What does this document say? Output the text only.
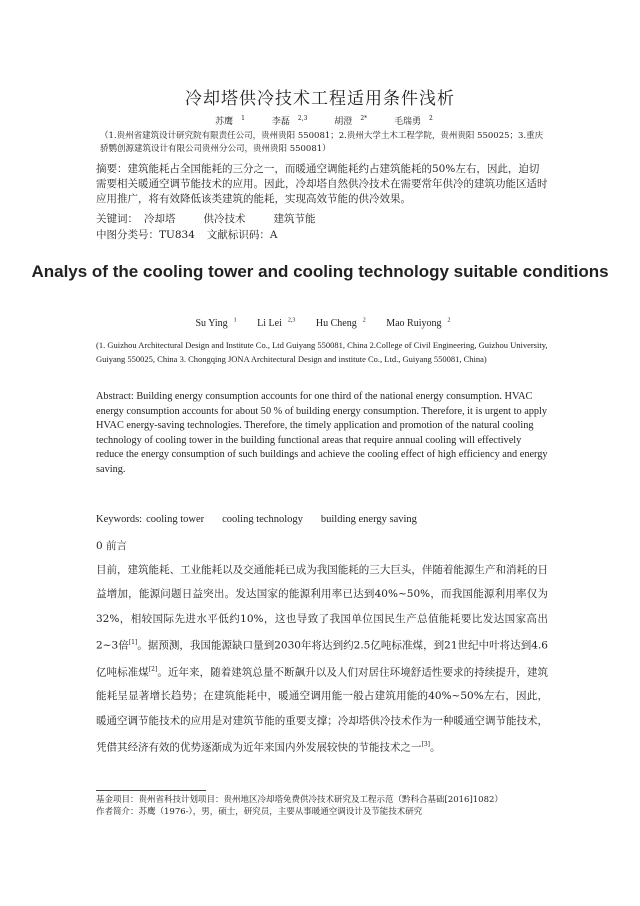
冷却塔供冷技术工程适用条件浅析
苏鹰 $^1$	李磊 $^{2,3}$	胡澄 $^{2*}$	毛瑞勇 $^2$
（1.贵州省建筑设计研究院有限责任公司，贵州贵阳 550081；2.贵州大学土木工程学院，贵州贵阳 550025；3.重庆骄鹦创源建筑设计有限公司贵州分公司，贵州贵阳 550081）
摘要：建筑能耗占全国能耗的三分之一，而暖通空调能耗约占建筑能耗的50%左右，因此，迫切需要相关暖通空调节能技术的应用。因此，冷却塔自然供冷技术在需要常年供冷的建筑功能区适时应用推广，将有效降低该类建筑的能耗，实现高效节能的供冷效果。
关键词： 冷却塔	供冷技术	建筑节能
中图分类号：TU834 文献标识码：A
Analys of the cooling tower and cooling technology suitable conditions
Su Ying $^1$ Li Lei $^{2,3}$ Hu Cheng $^2$ Mao Ruiyong $^2$
(1. Guizhou Architectural Design and Institute Co., Ltd Guiyang 550081, China 2.College of Civil Engineering, Guizhou University, Guiyang 550025, China 3. Chongqing JONA Architectural Design and institute Co., Ltd., Guiyang 550081, China)
Abstract: Building energy consumption accounts for one third of the national energy consumption. HVAC energy consumption accounts for about 50 % of building energy consumption. Therefore, it is urgent to apply HVAC energy-saving technologies. Therefore, the timely application and promotion of the natural cooling technology of cooling tower in the building functional areas that require annual cooling will effectively reduce the energy consumption of such buildings and achieve the cooling effect of high efficiency and energy saving.
Keywords: cooling tower cooling technology building energy saving
0 前言
目前，建筑能耗、工业能耗以及交通能耗已成为我国能耗的三大巨头，伴随着能源生产和消耗的日益增加，能源问题日益突出。发达国家的能源利用率已达到40%~50%，而我国能源利用率仅为32%，相较国际先进水平低约10%，这也导致了我国单位国民生产总值能耗要比发达国家高出2~3倍[1]。据预测，我国能源缺口量到2030年将达到约2.5亿吨标准煤，到21世纪中叶将达到4.6亿吨标准煤[2]。近年来，随着建筑总量不断飙升以及人们对居住环境舒适性要求的持续提升，建筑能耗呈显著增长趋势；在建筑能耗中，暖通空调用能一般占建筑用能的40%~50%左右，因此，暖通空调节能技术的应用是对建筑节能的重要支撑；冷却塔供冷技术作为一种暖通空调节能技术，凭借其经济有效的优势逐渐成为近年来国内外发展较快的节能技术之一[3]。
基金项目：贵州省科技计划项目：贵州地区冷却塔免费供冷技术研究及工程示范（黔科合基础[2016]1082）
作者简介：苏鹰（1976-），男，硕士，研究员，主要从事暖通空调设计及节能技术研究
